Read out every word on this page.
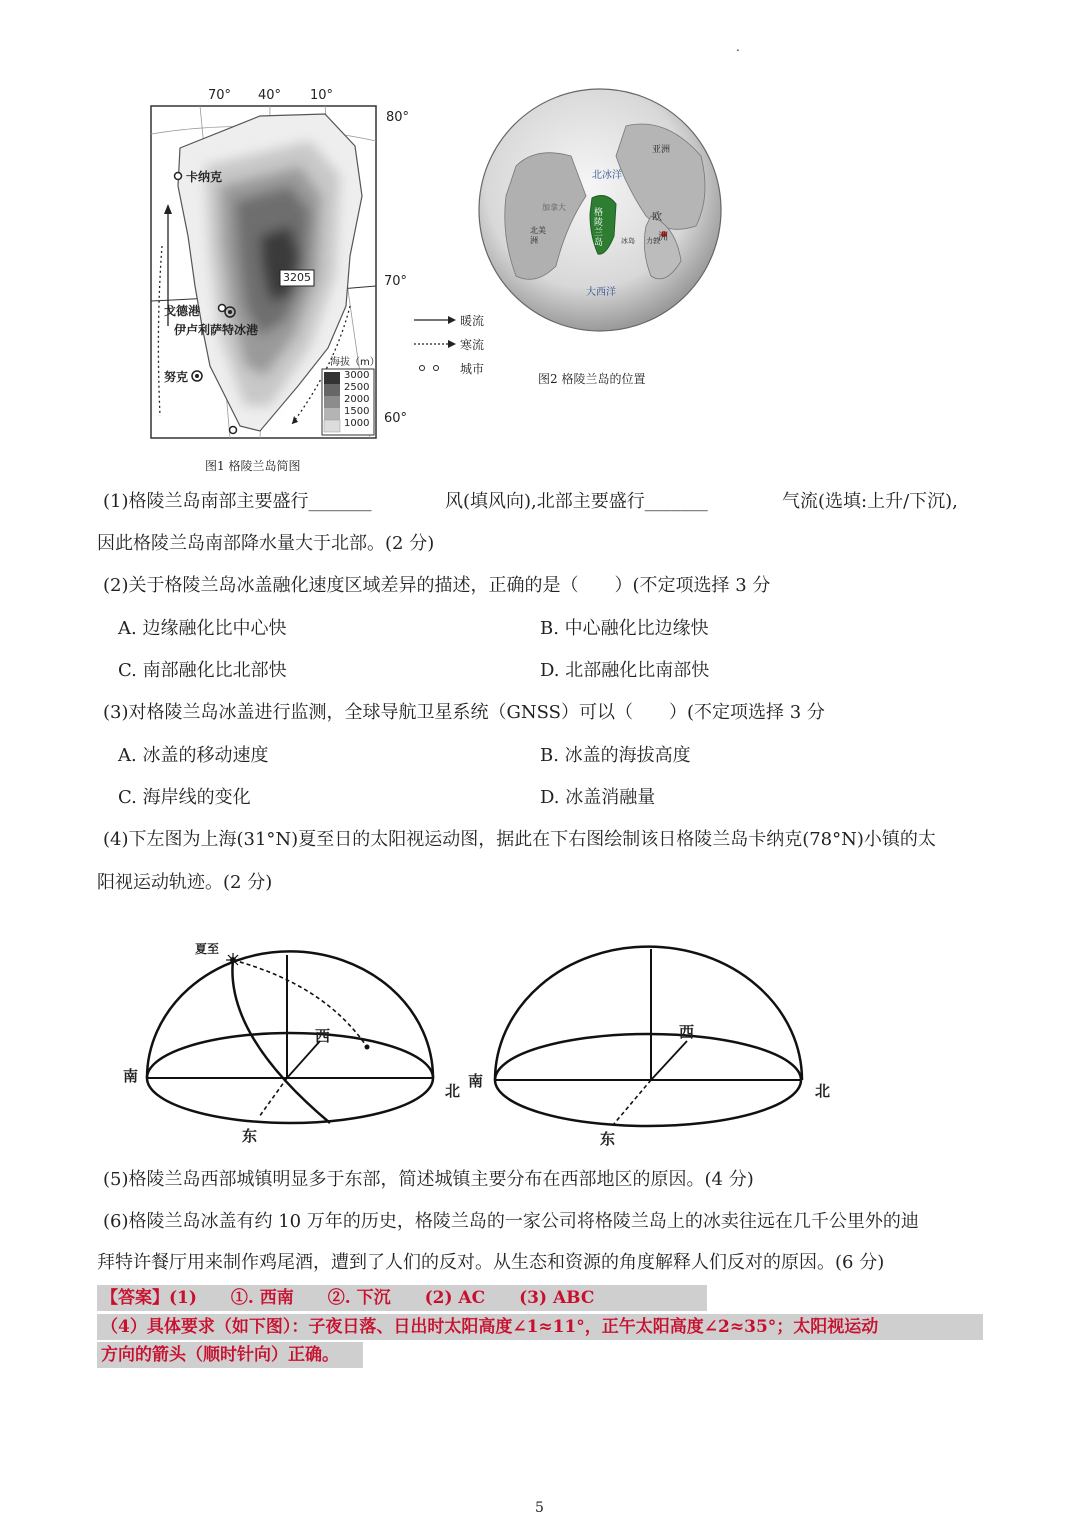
.
70° 40° 10°
80°
70°
60°
卡纳克
戈德港
伊卢利萨特冰港
努克
3205
海拔（m）
3000
2500
2000
1500
1000
暖流
寒流
城市
图1 格陵兰岛简图
亚洲
北冰洋
加拿大
格陵兰岛
欧
洲
北美洲	冰岛 力敦
大西洋
图2 格陵兰岛的位置
(1)格陵兰岛南部主要盛行_______	风(填风向),北部主要盛行_______	气流(选填:上升/下沉),
因此格陵兰岛南部降水量大于北部。(2 分)
(2)关于格陵兰岛冰盖融化速度区域差异的描述，正确的是（　　）(不定项选择 3 分
A. 边缘融化比中心快	B. 中心融化比边缘快
C. 南部融化比北部快	D. 北部融化比南部快
(3)对格陵兰岛冰盖进行监测，全球导航卫星系统（GNSS）可以（　　）(不定项选择 3 分
A. 冰盖的移动速度	B. 冰盖的海拔高度
C. 海岸线的变化	D. 冰盖消融量
(4)下左图为上海(31°N)夏至日的太阳视运动图，据此在下右图绘制该日格陵兰岛卡纳克(78°N)小镇的太
阳视运动轨迹。(2 分)
夏至
南
北
西
东
南
北
西
东
(5)格陵兰岛西部城镇明显多于东部，简述城镇主要分布在西部地区的原因。(4 分)
(6)格陵兰岛冰盖有约 10 万年的历史，格陵兰岛的一家公司将格陵兰岛上的冰卖往远在几千公里外的迪
拜特许餐厅用来制作鸡尾酒，遭到了人们的反对。从生态和资源的角度解释人们反对的原因。(6 分)
【答案】(1)　　①. 西南　　②. 下沉　　(2) AC　　(3) ABC
（4）具体要求（如下图）：子夜日落、日出时太阳高度∠1≈11°，正午太阳高度∠2≈35°；太阳视运动
方向的箭头（顺时针向）正确。
5
